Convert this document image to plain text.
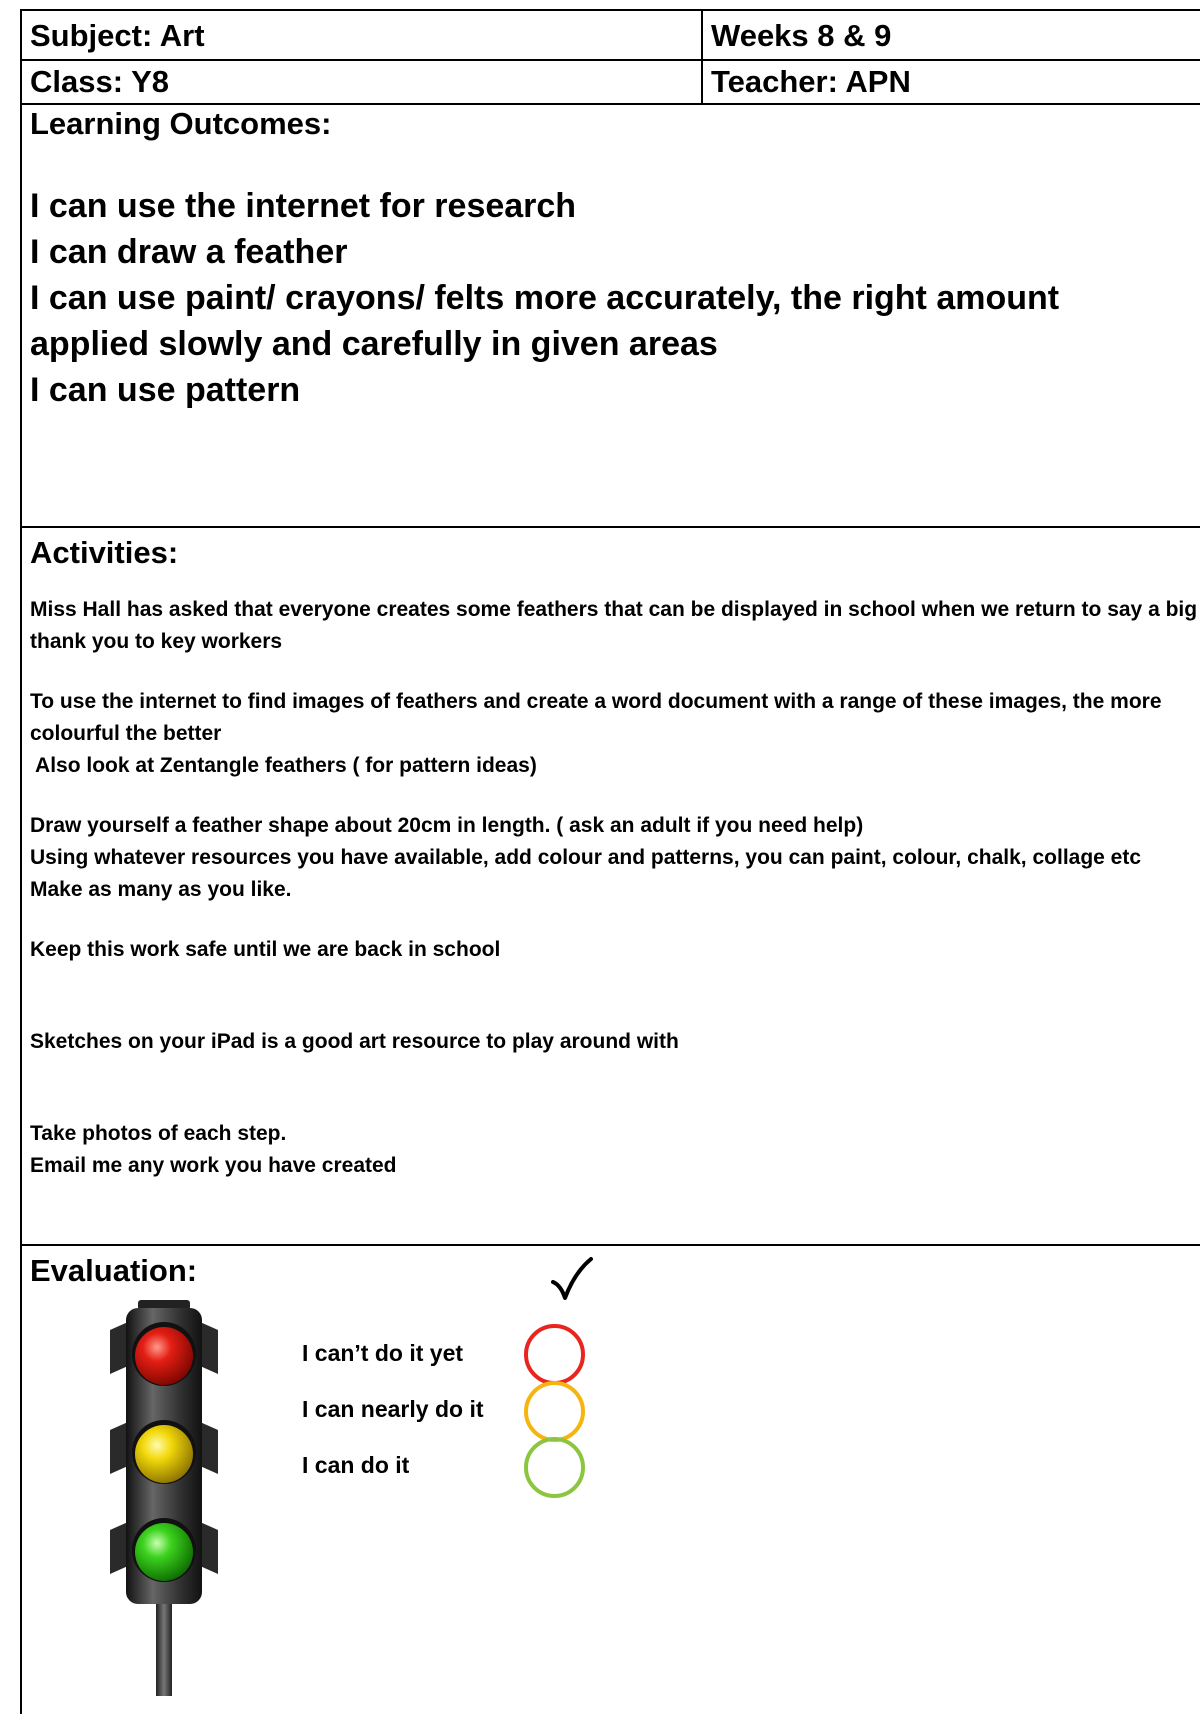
Subject: Art	Weeks 8 & 9
Class: Y8	Teacher: APN
Learning Outcomes:
I can use the internet for research
I can draw a feather
I can use paint/ crayons/ felts more accurately, the right amount applied slowly and carefully in given areas
I can use pattern
Activities:

Miss Hall has asked that everyone creates some feathers that can be displayed in school when we return to say a big thank you to key workers

To use the internet to find images of feathers and create a word document with a range of these images, the more colourful the better

Also look at Zentangle feathers ( for pattern ideas)

Draw yourself a feather shape about 20cm in length. ( ask an adult if you need help)

Using whatever resources you have available, add colour and patterns, you can paint, colour, chalk, collage etc

Make as many as you like.

Keep this work safe until we are back in school

Sketches on your iPad is a good art resource to play around with

Take photos of each step.

Email me any work you have created

Evaluation:
I can’t do it yet
I can nearly do it
I can do it
